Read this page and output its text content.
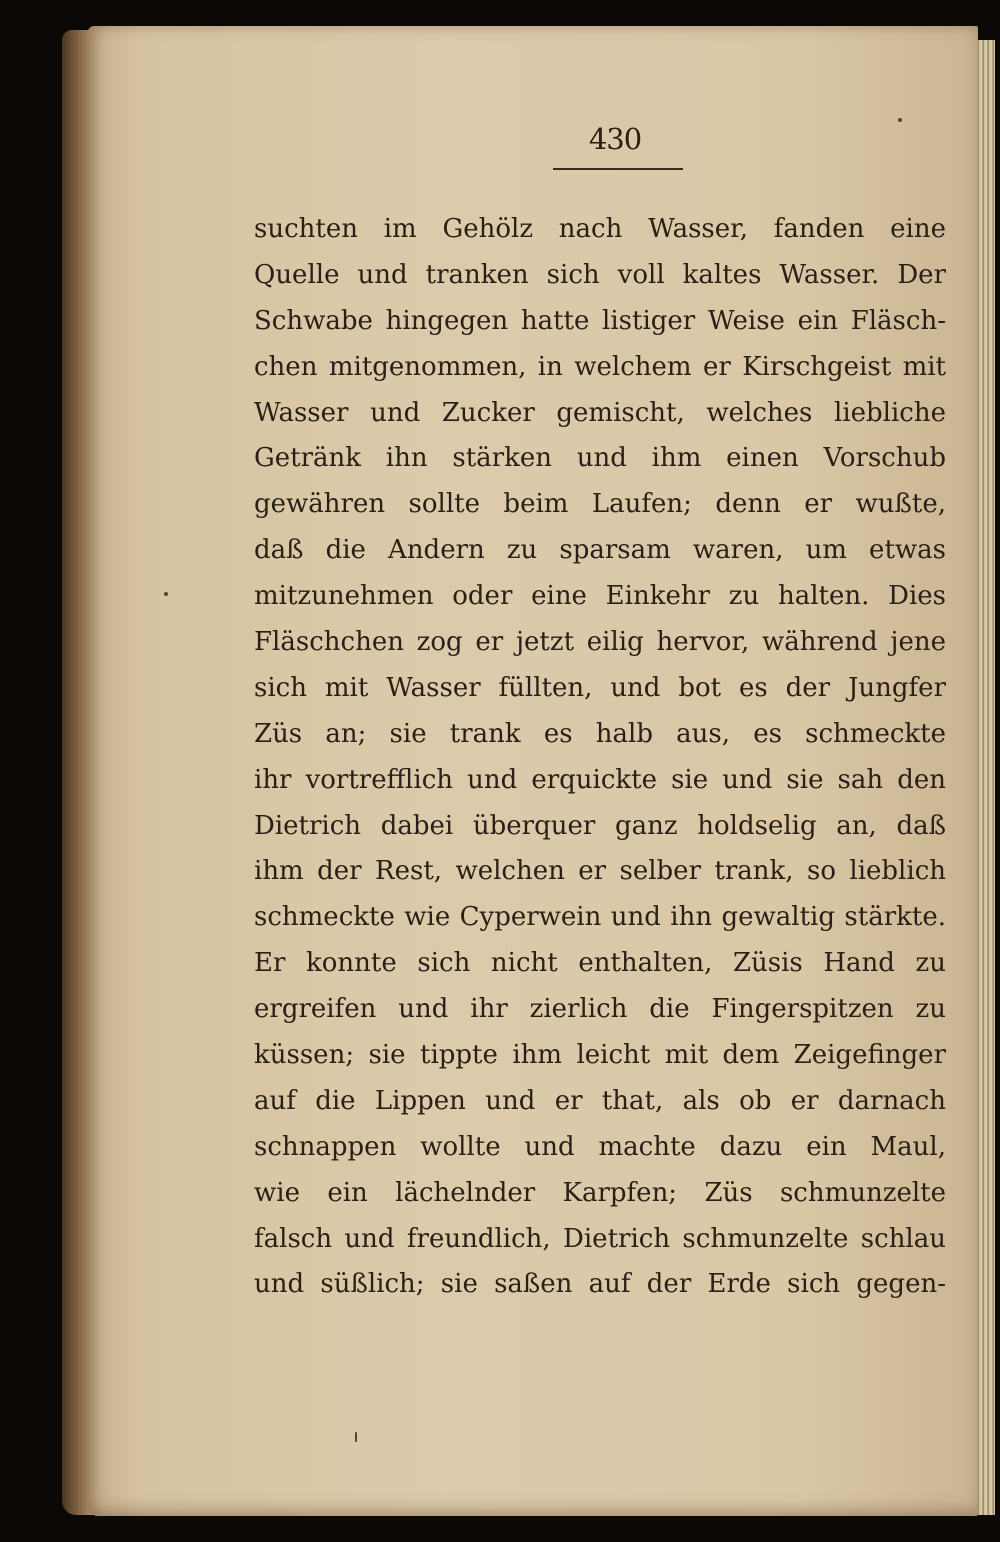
430
suchten im Gehölz nach Wasser, fanden eine
Quelle und tranken sich voll kaltes Wasser. Der
Schwabe hingegen hatte listiger Weise ein Fläsch-
chen mitgenommen, in welchem er Kirschgeist mit
Wasser und Zucker gemischt, welches liebliche
Getränk ihn stärken und ihm einen Vorschub
gewähren sollte beim Laufen; denn er wußte,
daß die Andern zu sparsam waren, um etwas
mitzunehmen oder eine Einkehr zu halten. Dies
Fläschchen zog er jetzt eilig hervor, während jene
sich mit Wasser füllten, und bot es der Jungfer
Züs an; sie trank es halb aus, es schmeckte
ihr vortrefflich und erquickte sie und sie sah den
Dietrich dabei überquer ganz holdselig an, daß
ihm der Rest, welchen er selber trank, so lieblich
schmeckte wie Cyperwein und ihn gewaltig stärkte.
Er konnte sich nicht enthalten, Züsis Hand zu
ergreifen und ihr zierlich die Fingerspitzen zu
küssen; sie tippte ihm leicht mit dem Zeigefinger
auf die Lippen und er that, als ob er darnach
schnappen wollte und machte dazu ein Maul,
wie ein lächelnder Karpfen; Züs schmunzelte
falsch und freundlich, Dietrich schmunzelte schlau
und süßlich; sie saßen auf der Erde sich gegen-
